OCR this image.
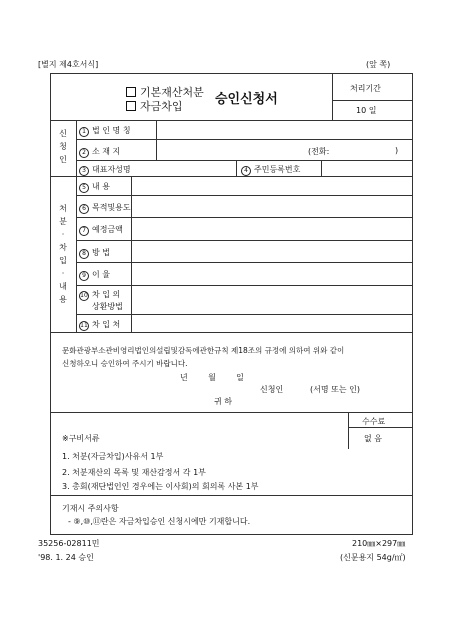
[별지 제4호서식]	(앞 쪽)
기본재산처분
자금차입 승인신청서
처리기간
10 일
신청인
1 법 인 명 칭
2 소 재 지	(전화:	)
3 대표자성명	4 주민등록번호
처
분
·
차
입
·
내
용
5 내 용
6 목적및용도
7 예정금액
8 방 법
9 이 율
10 차 입 의
상환방법
11 차 입 처
문화관광부소관비영리법인의설립및감독에관한규칙 제18조의 규정에 의하여 위와 같이
신청하오니 승인하여 주시기 바랍니다.
년        월        일
신청인	(서명 또는 인)
귀 하
수수료
없 음
※구비서류
1. 처분(자금차입)사유서 1부
2. 처분재산의 목록 및 재산감정서 각 1부
3. 총회(재단법인인 경우에는 이사회)의 회의록 사본 1부
기재시 주의사항
- ⑨,⑩,⑪란은 자금차입승인 신청시에만 기재합니다.
35256-02811민
'98. 1. 24 승인
210㎜×297㎜
(신문용지 54g/㎡)
